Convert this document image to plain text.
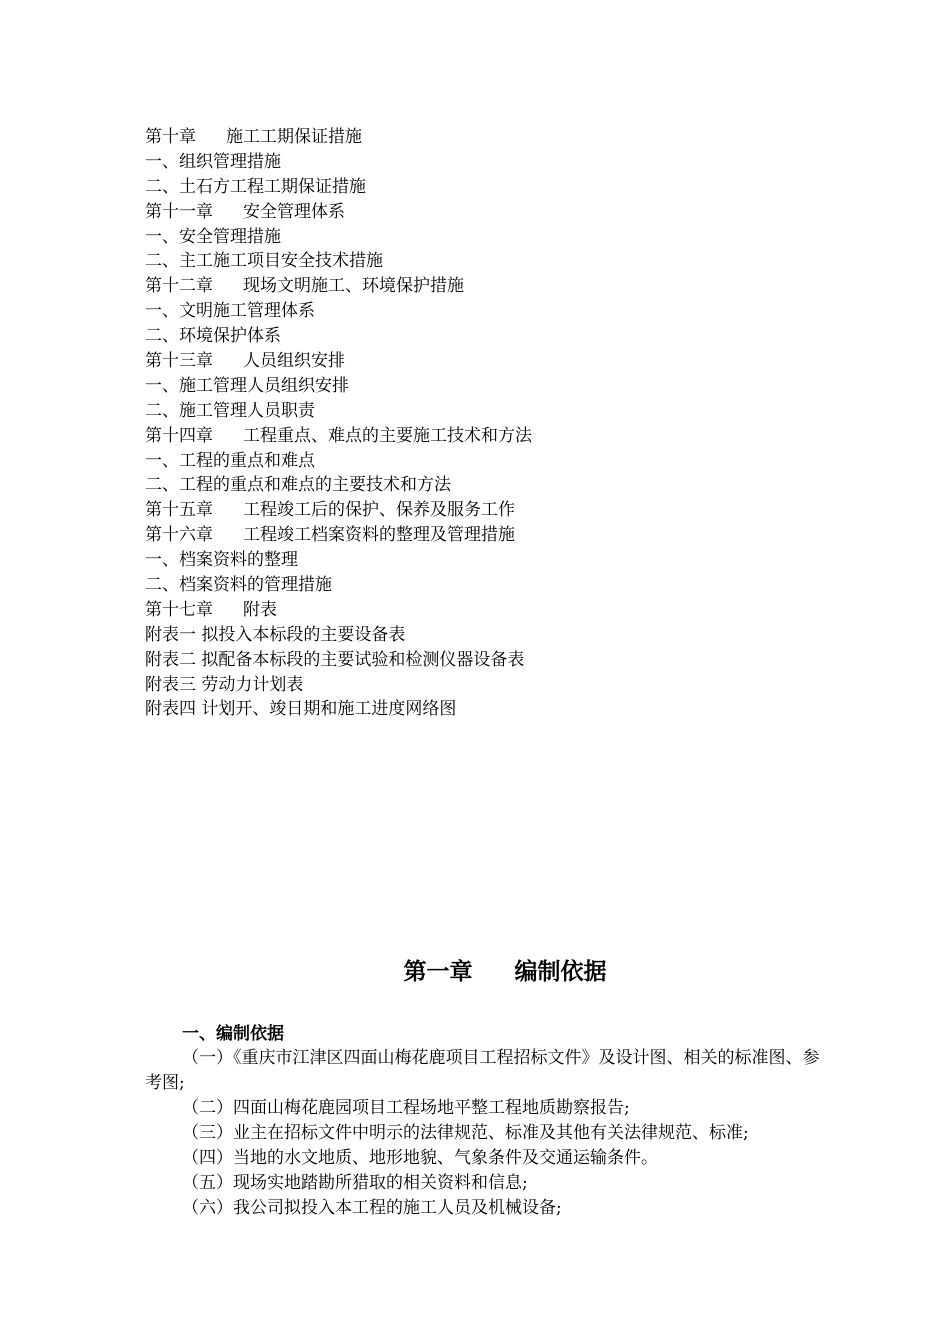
第十章 施工工期保证措施
一、组织管理措施
二、土石方工程工期保证措施
第十一章 安全管理体系
一、安全管理措施
二、主工施工项目安全技术措施
第十二章 现场文明施工、环境保护措施
一、文明施工管理体系
二、环境保护体系
第十三章 人员组织安排
一、施工管理人员组织安排
二、施工管理人员职责
第十四章 工程重点、难点的主要施工技术和方法
一、工程的重点和难点
二、工程的重点和难点的主要技术和方法
第十五章 工程竣工后的保护、保养及服务工作
第十六章 工程竣工档案资料的整理及管理措施
一、档案资料的整理
二、档案资料的管理措施
第十七章 附表
附表一 拟投入本标段的主要设备表
附表二 拟配备本标段的主要试验和检测仪器设备表
附表三 劳动力计划表
附表四 计划开、竣日期和施工进度网络图
第一章 编制依据
一、编制依据
（一）《重庆市江津区四面山梅花鹿项目工程招标文件》及设计图、相关的标准图、参考图;
（二）四面山梅花鹿园项目工程场地平整工程地质勘察报告;
（三）业主在招标文件中明示的法律规范、标准及其他有关法律规范、标准;
（四）当地的水文地质、地形地貌、气象条件及交通运输条件。
（五）现场实地踏勘所猎取的相关资料和信息;
（六）我公司拟投入本工程的施工人员及机械设备;
